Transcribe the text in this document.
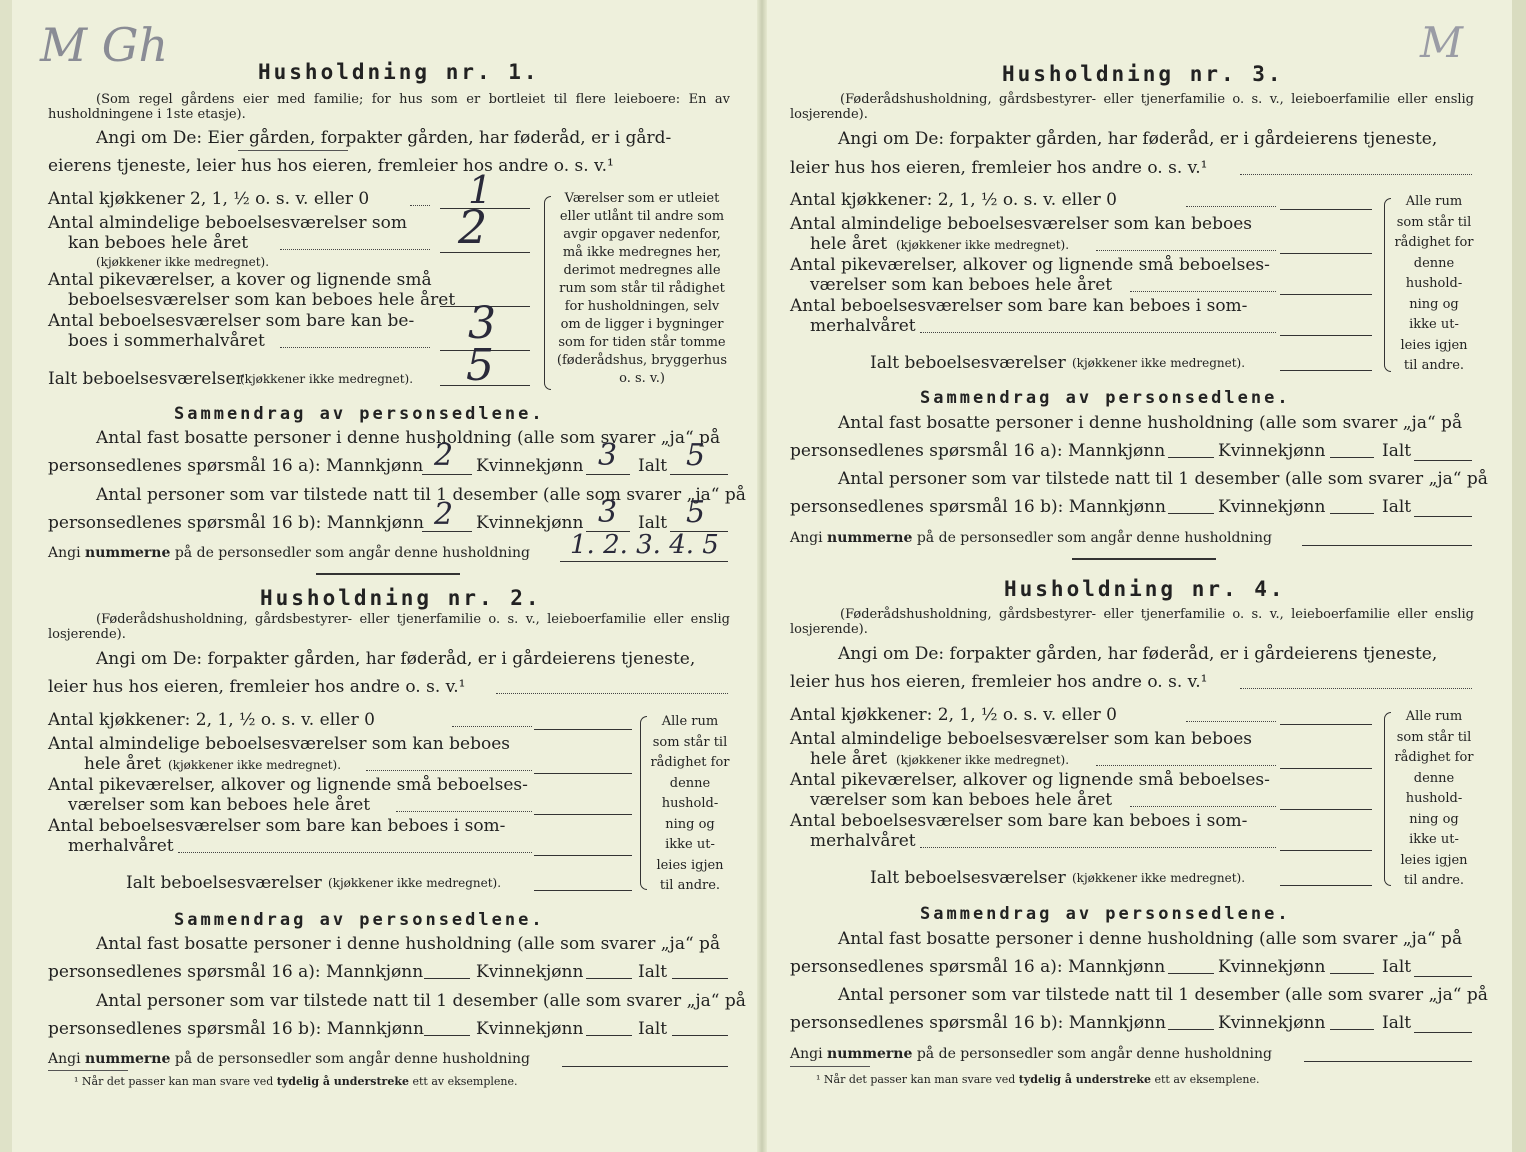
M Gh	M
Husholdning nr. 1.
(Som regel gårdens eier med familie; for hus som er bortleiet til flere leieboere: En av husholdningene i 1ste etasje).
Angi om De: Eier gården, forpakter gården, har føderåd, er i gård-
eierens tjeneste, leier hus hos eieren, fremleier hos andre o. s. v.¹
Antal kjøkkener 2, 1, ½ o. s. v. eller 0	1
Antal almindelige beboelsesværelser som
kan beboes hele året	2
(kjøkkener ikke medregnet).
Antal pikeværelser, a kover og lignende små
beboelsesværelser som kan beboes hele året
Antal beboelsesværelser som bare kan be-
boes i sommerhalvåret	3
Ialt beboelsesværelser
(kjøkkener ikke medregnet). 5
Værelser som er utleiet eller utlånt til andre som avgir opgaver nedenfor, må ikke medregnes her, derimot medregnes alle rum som står til rådighet for husholdningen, selv om de ligger i bygninger som for tiden står tomme (føderådshus, bryggerhus o. s. v.)
Sammendrag av personsedlene.
Antal fast bosatte personer i denne husholdning (alle som svarer „ja“ på
personsedlenes spørsmål 16 a): Mannkjønn 2 Kvinnekjønn 3 Ialt 5
Antal personer som var tilstede natt til 1 desember (alle som svarer „ja“ på
personsedlenes spørsmål 16 b): Mannkjønn 2 Kvinnekjønn 3 Ialt 5
Angi nummerne på de personsedler som angår denne husholdning 1. 2. 3. 4. 5
Husholdning nr. 2.
(Føderådshusholdning, gårdsbestyrer- eller tjenerfamilie o. s. v., leieboerfamilie eller enslig losjerende).
Angi om De: forpakter gården, har føderåd, er i gårdeierens tjeneste,
leier hus hos eieren, fremleier hos andre o. s. v.¹
Antal kjøkkener: 2, 1, ½ o. s. v. eller 0
Antal almindelige beboelsesværelser som kan beboes
hele året (kjøkkener ikke medregnet).
Antal pikeværelser, alkover og lignende små beboelses-
værelser som kan beboes hele året
Antal beboelsesværelser som bare kan beboes i som-
merhalvåret
Ialt beboelsesværelser (kjøkkener ikke medregnet).
Alle rum som står til rådighet for denne hushold-ning og ikke ut-leies igjen til andre.
Sammendrag av personsedlene.
Antal fast bosatte personer i denne husholdning (alle som svarer „ja“ på
personsedlenes spørsmål 16 a): Mannkjønn	Kvinnekjønn	Ialt
Antal personer som var tilstede natt til 1 desember (alle som svarer „ja“ på
personsedlenes spørsmål 16 b): Mannkjønn	Kvinnekjønn	Ialt
Angi nummerne på de personsedler som angår denne husholdning
¹ Når det passer kan man svare ved tydelig å understreke ett av eksemplene.
Husholdning nr. 3.
(Føderådshusholdning, gårdsbestyrer- eller tjenerfamilie o. s. v., leieboerfamilie eller enslig losjerende).
Angi om De: forpakter gården, har føderåd, er i gårdeierens tjeneste,
leier hus hos eieren, fremleier hos andre o. s. v.¹
Antal kjøkkener: 2, 1, ½ o. s. v. eller 0
Antal almindelige beboelsesværelser som kan beboes
hele året (kjøkkener ikke medregnet).
Antal pikeværelser, alkover og lignende små beboelses-
værelser som kan beboes hele året
Antal beboelsesværelser som bare kan beboes i som-
merhalvåret
Ialt beboelsesværelser (kjøkkener ikke medregnet).
Alle rum som står til rådighet for denne hushold-ning og ikke ut-leies igjen til andre.
Sammendrag av personsedlene.
Antal fast bosatte personer i denne husholdning (alle som svarer „ja“ på
personsedlenes spørsmål 16 a): Mannkjønn	Kvinnekjønn	Ialt
Antal personer som var tilstede natt til 1 desember (alle som svarer „ja“ på
personsedlenes spørsmål 16 b): Mannkjønn	Kvinnekjønn	Ialt
Angi nummerne på de personsedler som angår denne husholdning
Husholdning nr. 4.
(Føderådshusholdning, gårdsbestyrer- eller tjenerfamilie o. s. v., leieboerfamilie eller enslig losjerende).
Angi om De: forpakter gården, har føderåd, er i gårdeierens tjeneste,
leier hus hos eieren, fremleier hos andre o. s. v.¹
Antal kjøkkener: 2, 1, ½ o. s. v. eller 0
Antal almindelige beboelsesværelser som kan beboes
hele året (kjøkkener ikke medregnet).
Antal pikeværelser, alkover og lignende små beboelses-
værelser som kan beboes hele året
Antal beboelsesværelser som bare kan beboes i som-
merhalvåret
Ialt beboelsesværelser (kjøkkener ikke medregnet).
Alle rum som står til rådighet for denne hushold-ning og ikke ut-leies igjen til andre.
Sammendrag av personsedlene.
Antal fast bosatte personer i denne husholdning (alle som svarer „ja“ på
personsedlenes spørsmål 16 a): Mannkjønn	Kvinnekjønn	Ialt
Antal personer som var tilstede natt til 1 desember (alle som svarer „ja“ på
personsedlenes spørsmål 16 b): Mannkjønn	Kvinnekjønn	Ialt
Angi nummerne på de personsedler som angår denne husholdning
¹ Når det passer kan man svare ved tydelig å understreke ett av eksemplene.
